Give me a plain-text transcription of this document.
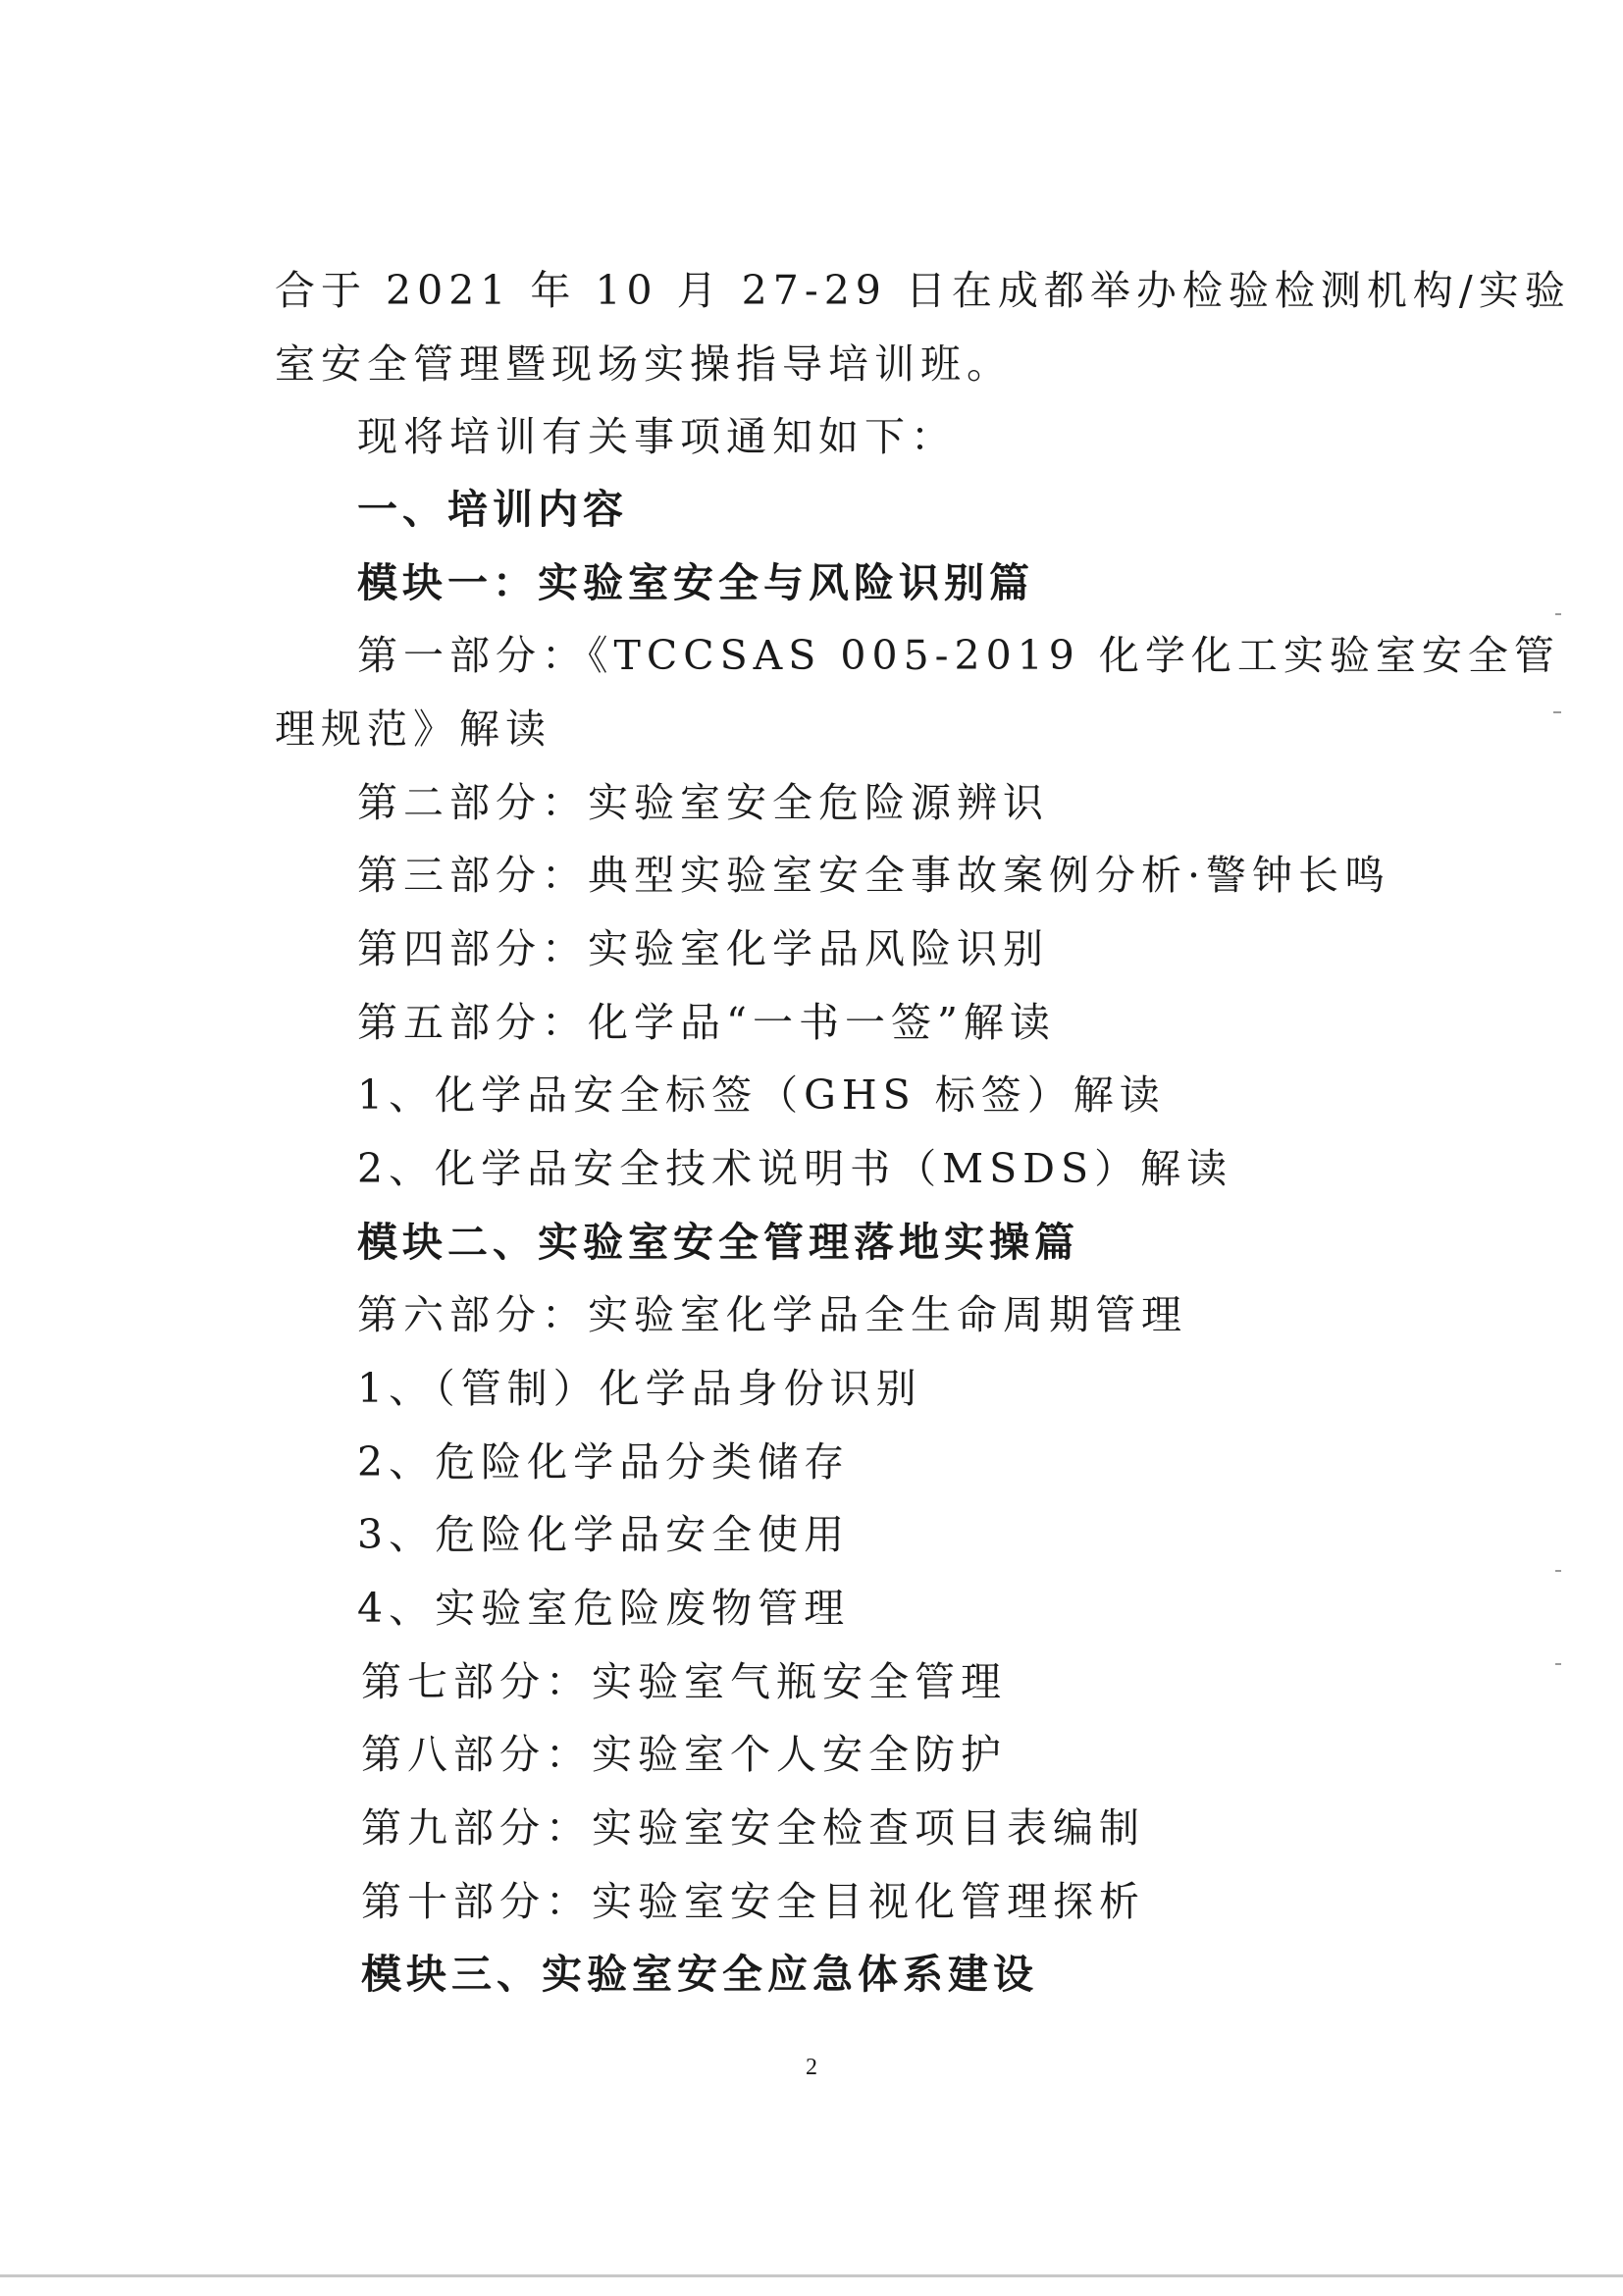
合于 2021 年 10 月 27-29 日在成都举办检验检测机构/实验
室安全管理暨现场实操指导培训班。
现将培训有关事项通知如下：
一、培训内容
模块一：实验室安全与风险识别篇
第一部分：《TCCSAS 005-2019 化学化工实验室安全管
理规范》解读
第二部分：实验室安全危险源辨识
第三部分：典型实验室安全事故案例分析·警钟长鸣
第四部分：实验室化学品风险识别
第五部分：化学品“一书一签”解读
1、化学品安全标签（GHS 标签）解读
2、化学品安全技术说明书（MSDS）解读
模块二、实验室安全管理落地实操篇
第六部分：实验室化学品全生命周期管理
1、（管制）化学品身份识别
2、危险化学品分类储存
3、危险化学品安全使用
4、实验室危险废物管理
第七部分：实验室气瓶安全管理
第八部分：实验室个人安全防护
第九部分：实验室安全检查项目表编制
第十部分：实验室安全目视化管理探析
模块三、实验室安全应急体系建设
2
